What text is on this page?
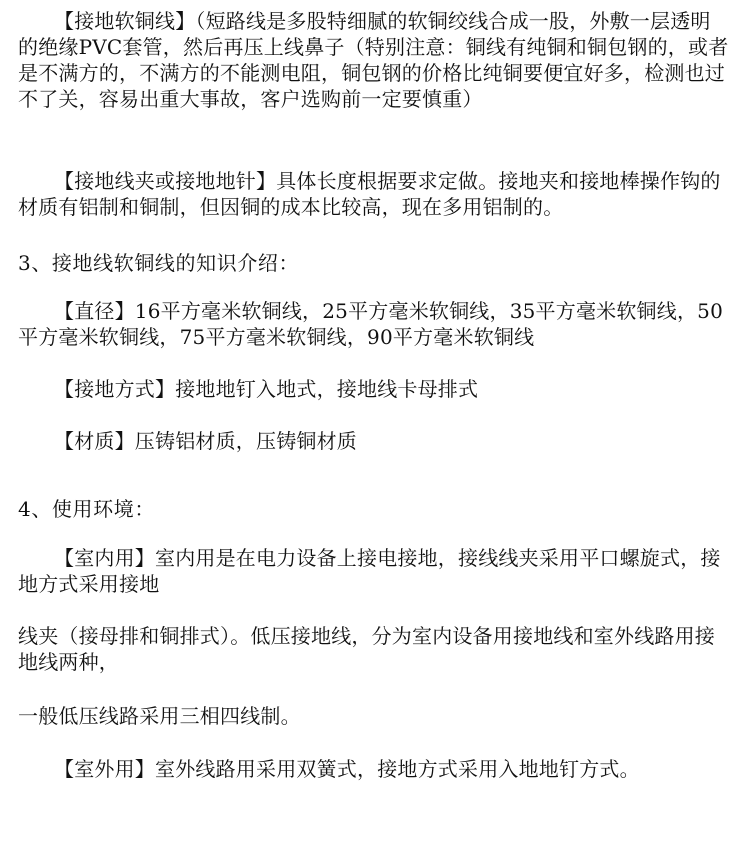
【接地软铜线】（短路线是多股特细腻的软铜绞线合成一股，外敷一层透明的绝缘PVC套管，然后再压上线鼻子（特别注意：铜线有纯铜和铜包钢的，或者是不满方的，不满方的不能测电阻，铜包钢的价格比纯铜要便宜好多，检测也过不了关，容易出重大事故，客户选购前一定要慎重）

【接地线夹或接地地针】具体长度根据要求定做。接地夹和接地棒操作钩的材质有铝制和铜制，但因铜的成本比较高，现在多用铝制的。

3、接地线软铜线的知识介绍：

【直径】16平方毫米软铜线，25平方毫米软铜线，35平方毫米软铜线，50平方毫米软铜线，75平方毫米软铜线，90平方毫米软铜线

【接地方式】接地地钉入地式，接地线卡母排式

【材质】压铸铝材质，压铸铜材质

4、使用环境：

【室内用】室内用是在电力设备上接电接地，接线线夹采用平口螺旋式，接地方式采用接地

线夹（接母排和铜排式）。低压接地线，分为室内设备用接地线和室外线路用接地线两种，

一般低压线路采用三相四线制。

【室外用】室外线路用采用双簧式，接地方式采用入地地钉方式。
